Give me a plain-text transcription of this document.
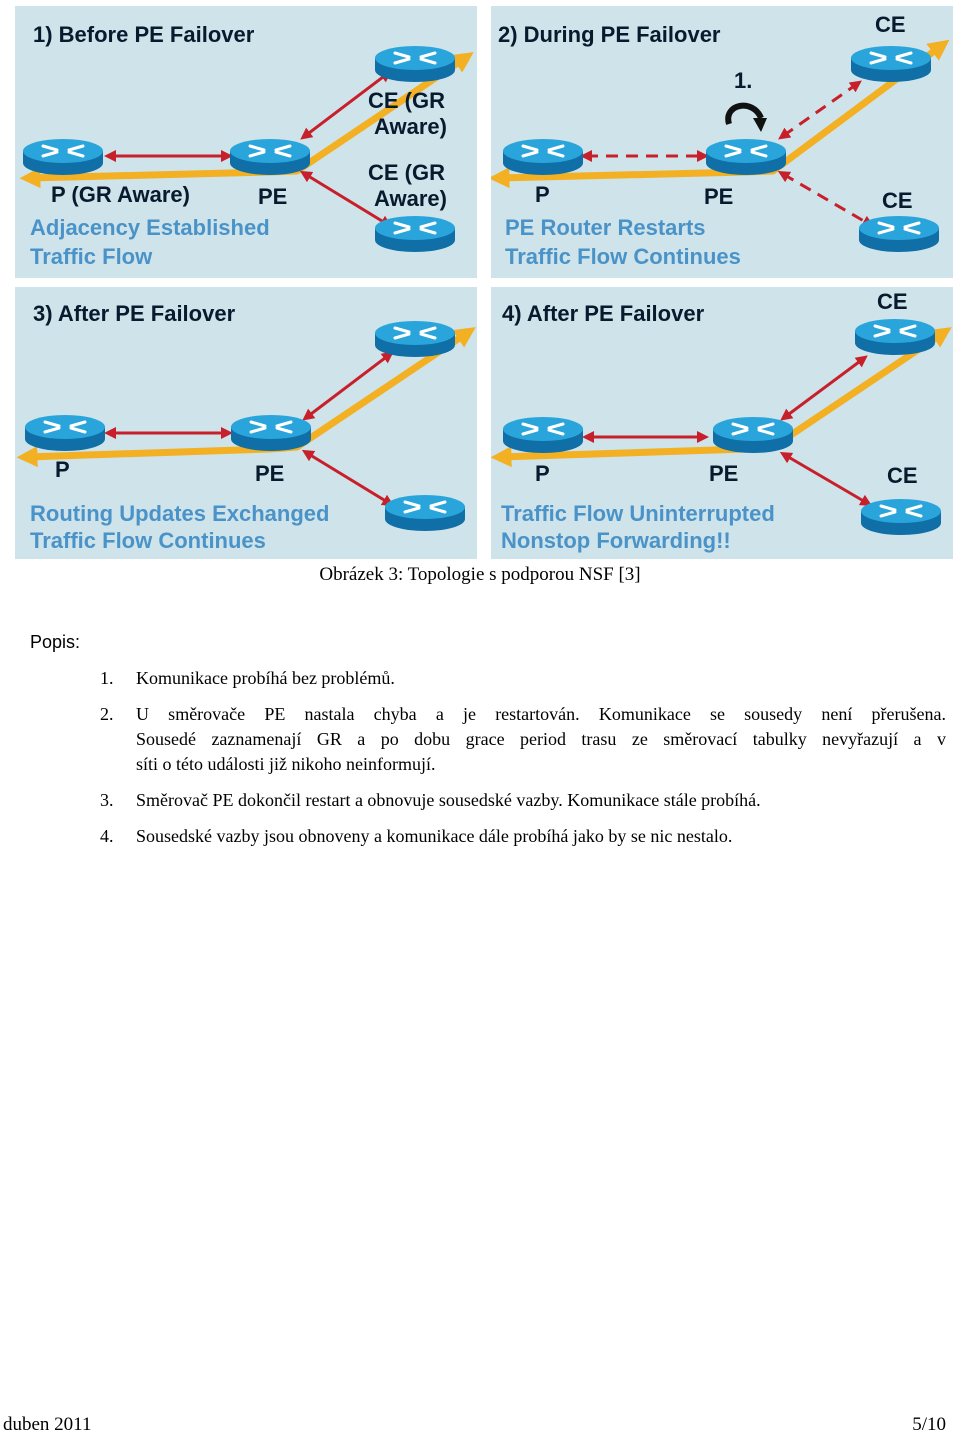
1) Before PE Failover
P (GR Aware)	PE
CE (GR
Aware)
CE (GR
Aware)
Adjacency Established
Traffic Flow
2) During PE Failover
1.
P	PE
CE
CE
PE Router Restarts
Traffic Flow Continues
3) After PE Failover
P	PE
Routing Updates Exchanged
Traffic Flow Continues
4) After PE Failover
P	PE
CE
CE
Traffic Flow Uninterrupted
Nonstop Forwarding!!
Obrázek 3: Topologie s podporou NSF [3]
Popis:
1. Komunikace probíhá bez problémů.
2. U směrovače PE nastala chyba a je restartován. Komunikace se sousedy není přerušena.
Sousedé zaznamenají GR a po dobu grace period trasu ze směrovací tabulky nevyřazují a v
síti o této události již nikoho neinformují.
3. Směrovač PE dokončil restart a obnovuje sousedské vazby. Komunikace stále probíhá.
4. Sousedské vazby jsou obnoveny a komunikace dále probíhá jako by se nic nestalo.
duben 2011	5/10
